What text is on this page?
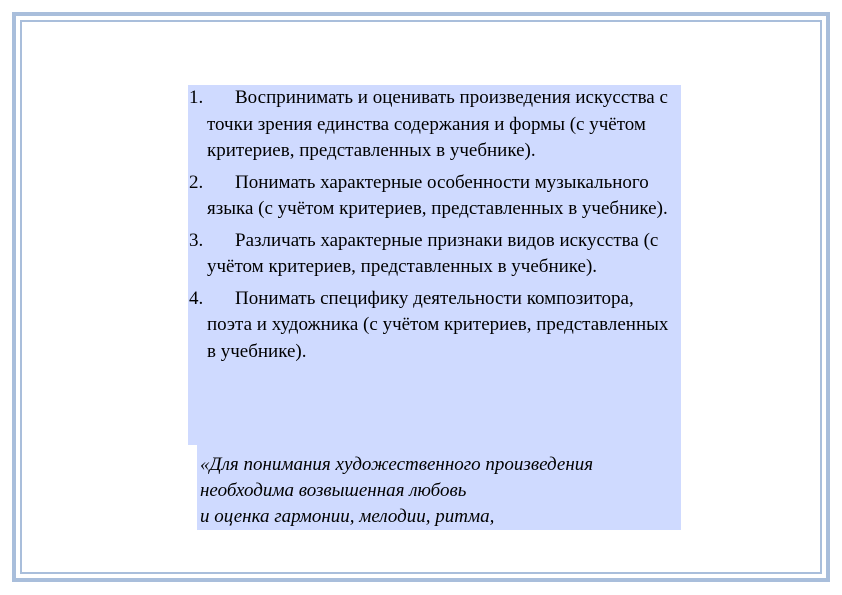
1.	Воспринимать и оценивать произведения искусства с точки зрения единства содержания и формы (с учётом критериев, представленных в учебнике).
2.	Понимать характерные особенности музыкального языка (с учётом критериев, представленных в учебнике).
3.	Различать характерные признаки видов искусства (с учётом критериев, представленных в учебнике).
4.	Понимать специфику деятельности композитора, поэта и художника (с учётом критериев, представленных в учебнике).

«Для понимания художественного произведения
необходима возвышенная любовь
и оценка гармонии, мелодии, ритма,
